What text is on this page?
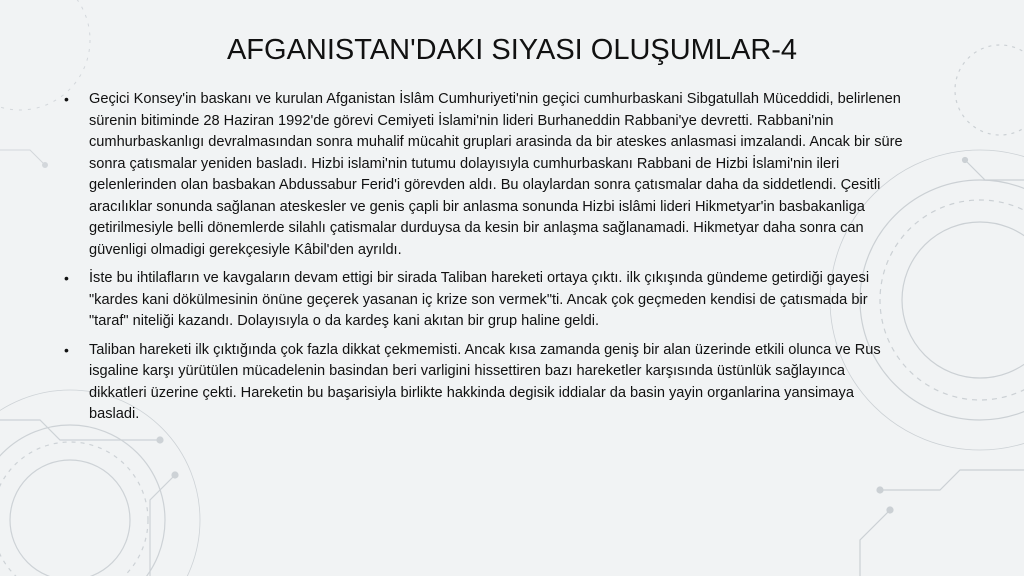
AFGANISTAN'DAKI SIYASI OLUŞUMLAR-4
• Geçici Konsey'in baskanı ve kurulan Afganistan İslâm Cumhuriyeti'nin geçici cumhurbaskani Sibgatullah Müceddidi, belirlenen sürenin bitiminde 28 Haziran 1992'de görevi Cemiyeti İslami'nin lideri Burhaneddin Rabbani'ye devretti. Rabbani'nin cumhurbaskanlıgı devralmasından sonra muhalif mücahit gruplari arasinda da bir ateskes anlasmasi imzalandi. Ancak bir süre sonra çatısmalar yeniden basladı. Hizbi islami'nin tutumu dolayısıyla cumhurbaskanı Rabbani de Hizbi İslami'nin ileri gelenlerinden olan basbakan Abdussabur Ferid'i görevden aldı. Bu olaylardan sonra çatısmalar daha da siddetlendi. Çesitli aracılıklar sonunda sağlanan ateskesler ve genis çapli bir anlasma sonunda Hizbi islâmi lideri Hikmetyar'in basbakanliga getirilmesiyle belli dönemlerde silahlı çatismalar durduysa da kesin bir anlaşma sağlanamadi. Hikmetyar daha sonra can güvenligi olmadigi gerekçesiyle Kâbil'den ayrıldı.
• İste bu ihtilafların ve kavgaların devam ettigi bir sirada Taliban hareketi ortaya çıktı. ilk çıkışında gündeme getirdiği gayesi "kardes kani dökülmesinin önüne geçerek yasanan iç krize son vermek"ti. Ancak çok geçmeden kendisi de çatısmada bir "taraf" niteliği kazandı. Dolayısıyla o da kardeş kani akıtan bir grup haline geldi.
• Taliban hareketi ilk çıktığında çok fazla dikkat çekmemisti. Ancak kısa zamanda geniş bir alan üzerinde etkili olunca ve Rus isgaline karşı yürütülen mücadelenin basindan beri varligini hissettiren bazı hareketler karşısında üstünlük sağlayınca dikkatleri üzerine çekti. Hareketin bu başarisiyla birlikte hakkinda degisik iddialar da basin yayin organlarina yansimaya basladi.
